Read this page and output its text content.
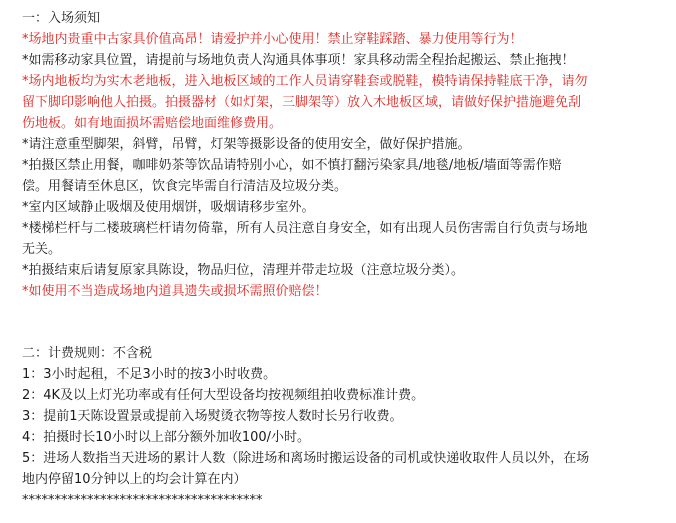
一：入场须知

*场地内贵重中古家具价值高昂！请爱护并小心使用！禁止穿鞋踩踏、暴力使用等行为！

*如需移动家具位置，请提前与场地负责人沟通具体事项！家具移动需全程抬起搬运、禁止拖拽！

*场内地板均为实木老地板，进入地板区域的工作人员请穿鞋套或脱鞋，模特请保持鞋底干净，请勿

留下脚印影响他人拍摄。拍摄器材（如灯架，三脚架等）放入木地板区域，请做好保护措施避免刮

伤地板。如有地面损坏需赔偿地面维修费用。

*请注意重型脚架，斜臂，吊臂，灯架等摄影设备的使用安全，做好保护措施。

*拍摄区禁止用餐，咖啡奶茶等饮品请特别小心，如不慎打翻污染家具/地毯/地板/墙面等需作赔

偿。用餐请至休息区，饮食完毕需自行清洁及垃圾分类。

*室内区域静止吸烟及使用烟饼，吸烟请移步室外。

*楼梯栏杆与二楼玻璃栏杆请勿倚靠，所有人员注意自身安全，如有出现人员伤害需自行负责与场地

无关。

*拍摄结束后请复原家具陈设，物品归位，清理并带走垃圾（注意垃圾分类）。

*如使用不当造成场地内道具遗失或损坏需照价赔偿！

二：计费规则：不含税

1：3小时起租，不足3小时的按3小时收费。

2：4K及以上灯光功率或有任何大型设备均按视频组拍收费标准计费。

3：提前1天陈设置景或提前入场熨烫衣物等按人数时长另行收费。

4：拍摄时长10小时以上部分额外加收100/小时。

5：进场人数指当天进场的累计人数（除进场和离场时搬运设备的司机或快递收取件人员以外，在场

地内停留10分钟以上的均会计算在内）

*************************************
